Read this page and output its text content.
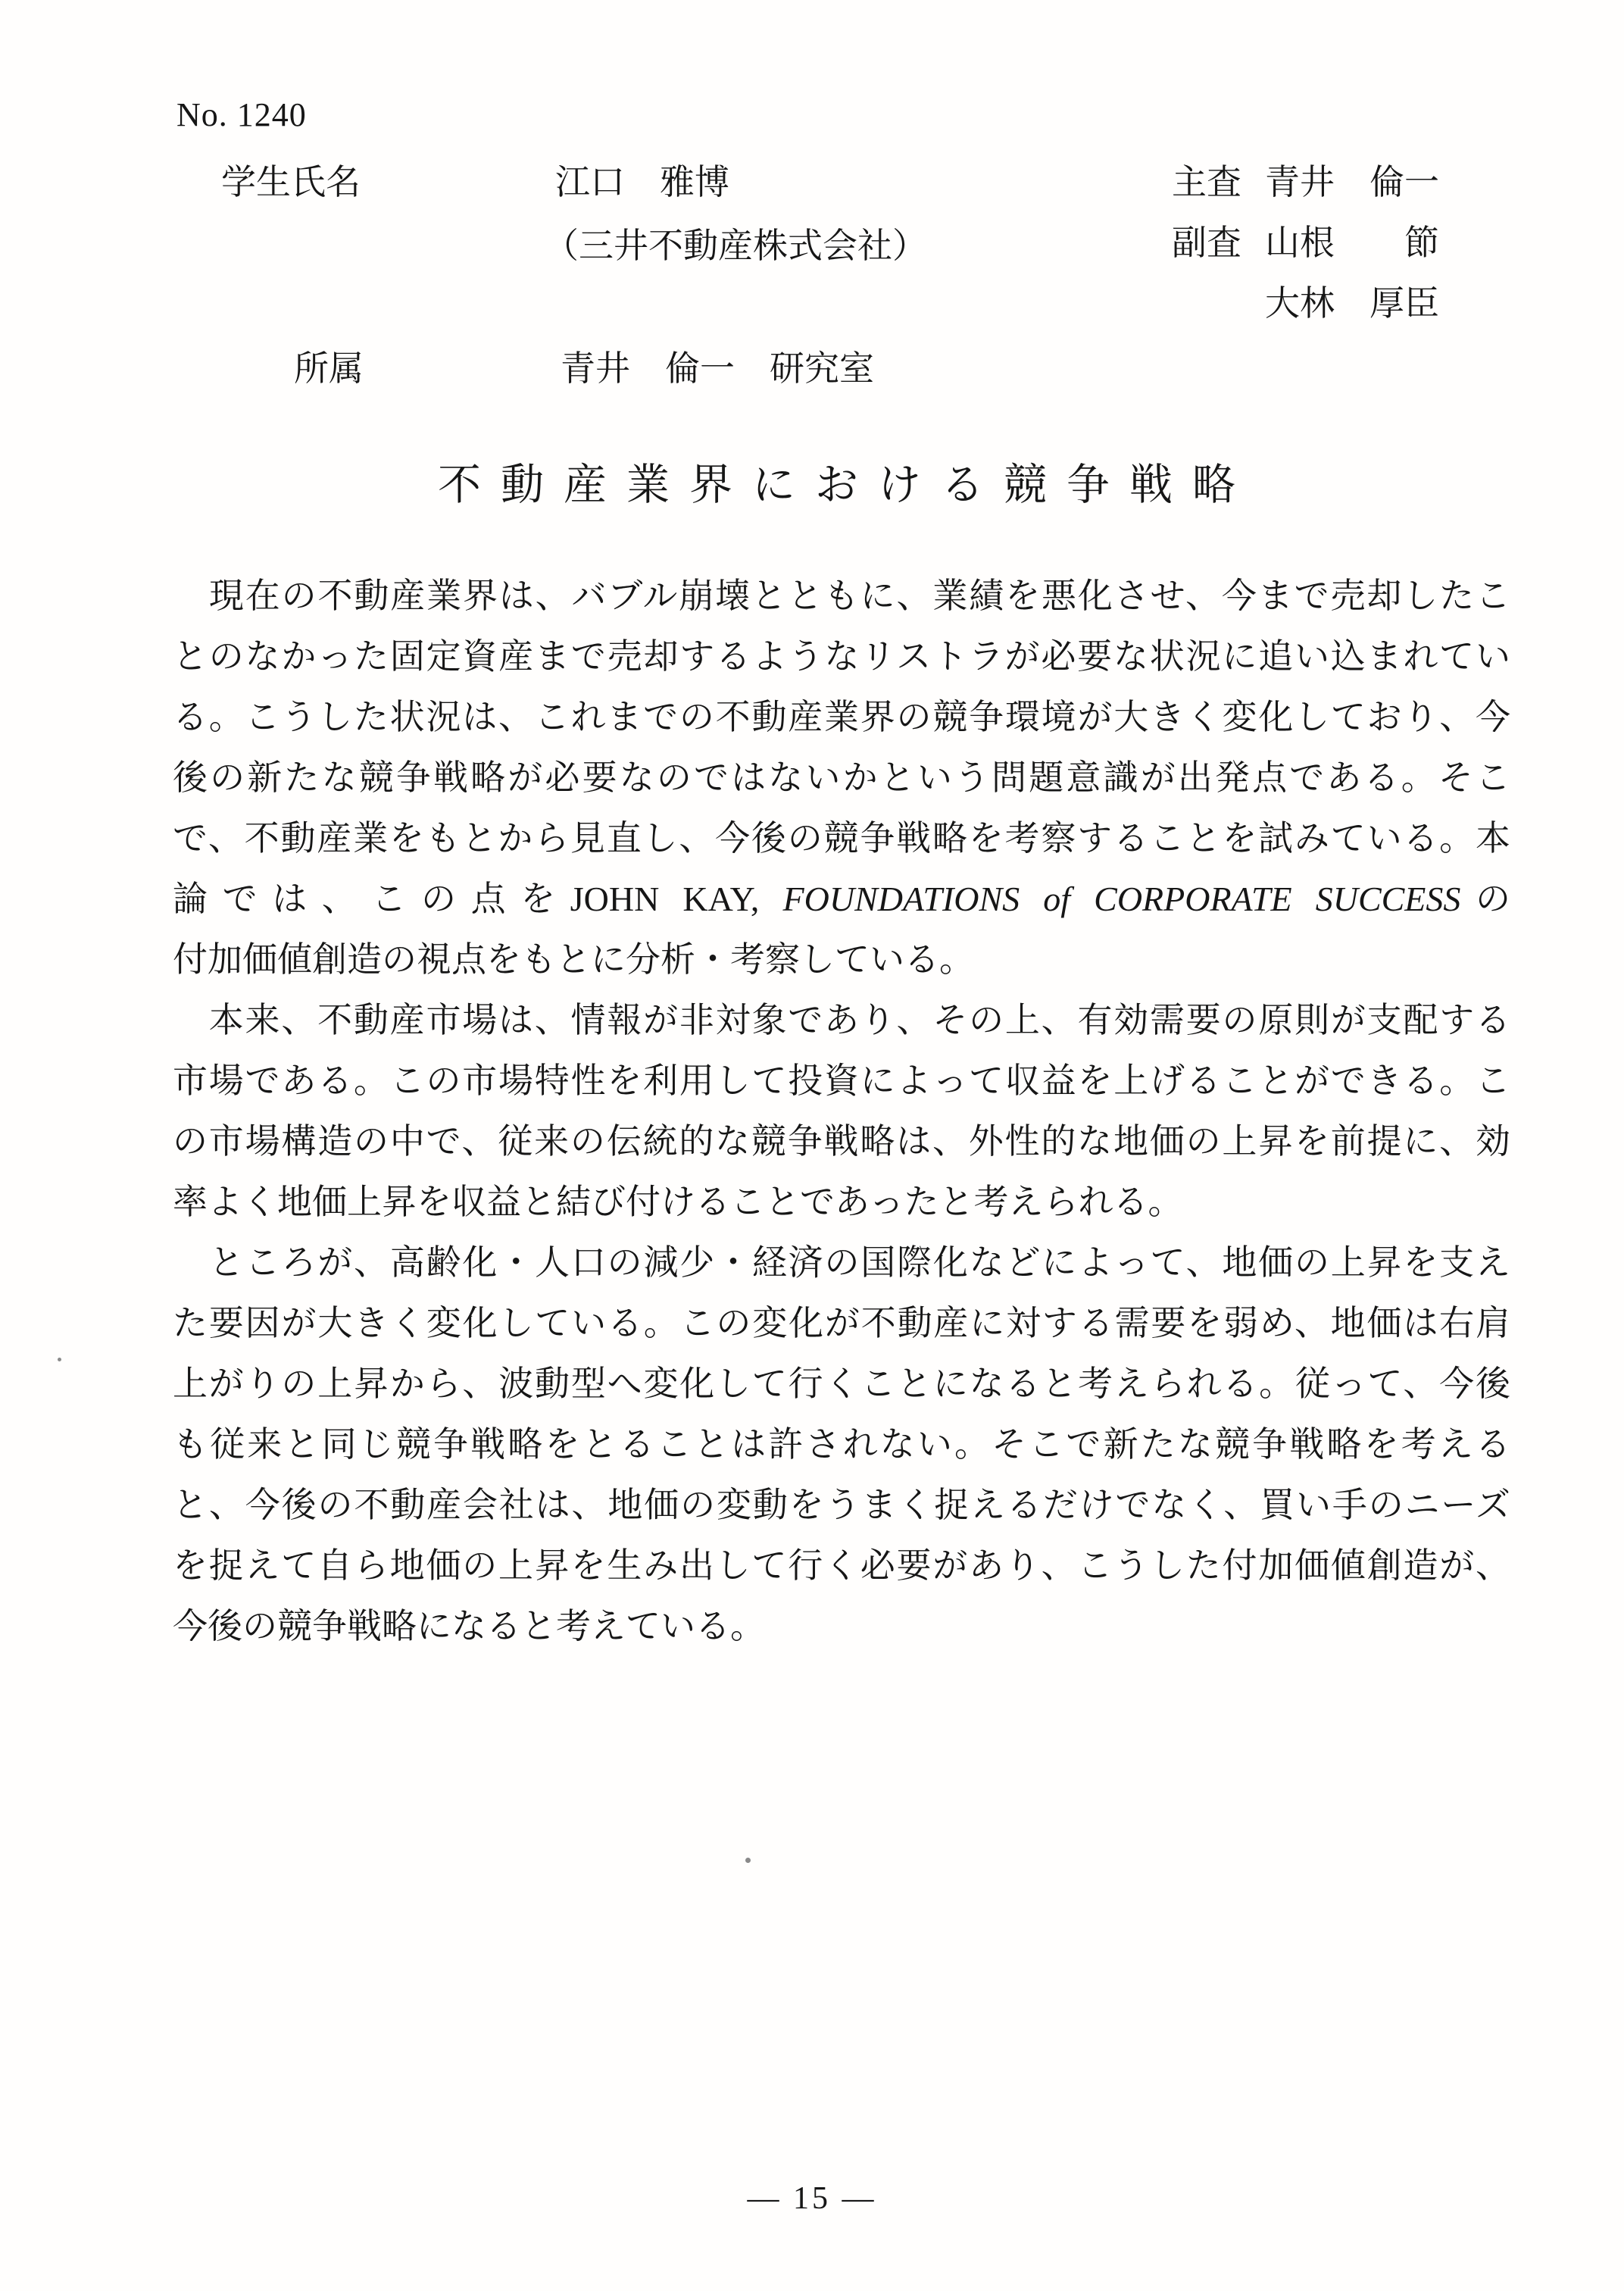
No. 1240
学生氏名	江口　雅博
（三井不動産株式会社）
主査 青井　倫一
副査 山根　　節
大林　厚臣
所属	青井　倫一　研究室
不動産業界における競争戦略
　現在の不動産業界は、バブル崩壊とともに、業績を悪化させ、今まで売却したこ
とのなかった固定資産まで売却するようなリストラが必要な状況に追い込まれてい
る。こうした状況は、これまでの不動産業界の競争環境が大きく変化しており、今
後の新たな競争戦略が必要なのではないかという問題意識が出発点である。そこ
で、不動産業をもとから見直し、今後の競争戦略を考察することを試みている。本
論では、この点をJOHN KAY, FOUNDATIONS of CORPORATE SUCCESSの
付加価値創造の視点をもとに分析・考察している。
　本来、不動産市場は、情報が非対象であり、その上、有効需要の原則が支配する
市場である。この市場特性を利用して投資によって収益を上げることができる。こ
の市場構造の中で、従来の伝統的な競争戦略は、外性的な地価の上昇を前提に、効
率よく地価上昇を収益と結び付けることであったと考えられる。
　ところが、高齢化・人口の減少・経済の国際化などによって、地価の上昇を支え
た要因が大きく変化している。この変化が不動産に対する需要を弱め、地価は右肩
上がりの上昇から、波動型へ変化して行くことになると考えられる。従って、今後
も従来と同じ競争戦略をとることは許されない。そこで新たな競争戦略を考える
と、今後の不動産会社は、地価の変動をうまく捉えるだけでなく、買い手のニーズ
を捉えて自ら地価の上昇を生み出して行く必要があり、こうした付加価値創造が、
今後の競争戦略になると考えている。
— 15 —
